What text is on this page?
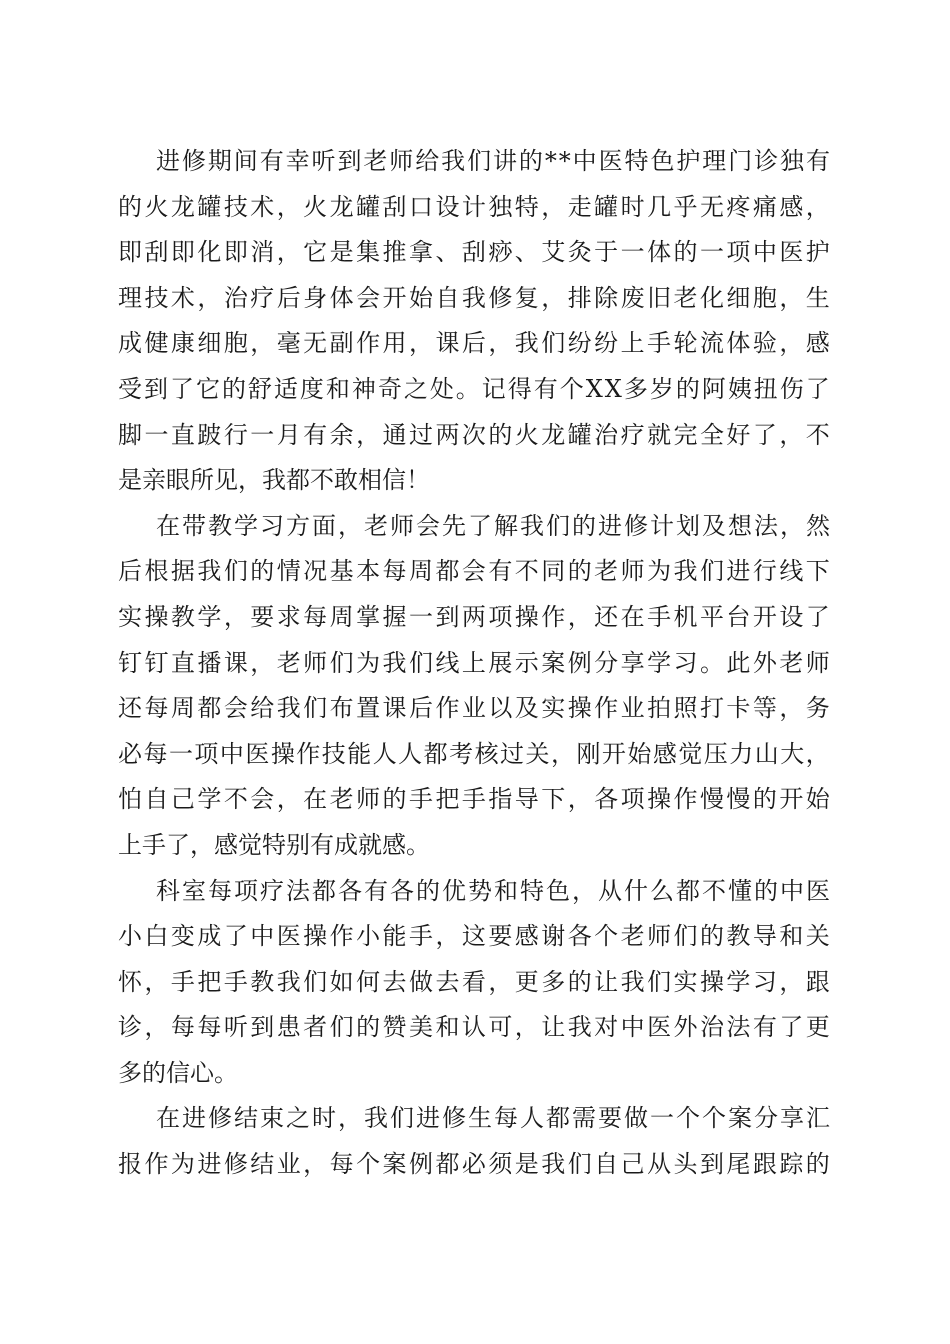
进 修 期 间 有 幸 听 到 老 师 给 我 们 讲 的 * * 中 医 特 色 护 理 门 诊 独 有
的 火 龙 罐 技 术 ， 火 龙 罐 刮 口 设 计 独 特 ， 走 罐 时 几 乎 无 疼 痛 感 ，
即 刮 即 化 即 消 ， 它 是 集 推 拿 、 刮 痧 、 艾 灸 于 一 体 的 一 项 中 医 护
理 技 术 ， 治 疗 后 身 体 会 开 始 自 我 修 复 ， 排 除 废 旧 老 化 细 胞 ， 生
成 健 康 细 胞 ， 毫 无 副 作 用 ， 课 后 ， 我 们 纷 纷 上 手 轮 流 体 验 ， 感
受 到 了 它 的 舒 适 度 和 神 奇 之 处 。 记 得 有 个 X X 多 岁 的 阿 姨 扭 伤 了
脚 一 直 跛 行 一 月 有 余 ， 通 过 两 次 的 火 龙 罐 治 疗 就 完 全 好 了 ， 不
是亲眼所见，我都不敢相信！
在 带 教 学 习 方 面 ， 老 师 会 先 了 解 我 们 的 进 修 计 划 及 想 法 ， 然
后 根 据 我 们 的 情 况 基 本 每 周 都 会 有 不 同 的 老 师 为 我 们 进 行 线 下
实 操 教 学 ， 要 求 每 周 掌 握 一 到 两 项 操 作 ， 还 在 手 机 平 台 开 设 了
钉 钉 直 播 课 ， 老 师 们 为 我 们 线 上 展 示 案 例 分 享 学 习 。 此 外 老 师
还 每 周 都 会 给 我 们 布 置 课 后 作 业 以 及 实 操 作 业 拍 照 打 卡 等 ， 务
必 每 一 项 中 医 操 作 技 能 人 人 都 考 核 过 关 ， 刚 开 始 感 觉 压 力 山 大 ，
怕 自 己 学 不 会 ， 在 老 师 的 手 把 手 指 导 下 ， 各 项 操 作 慢 慢 的 开 始
上手了，感觉特别有成就感。
科 室 每 项 疗 法 都 各 有 各 的 优 势 和 特 色 ， 从 什 么 都 不 懂 的 中 医
小 白 变 成 了 中 医 操 作 小 能 手 ， 这 要 感 谢 各 个 老 师 们 的 教 导 和 关
怀 ， 手 把 手 教 我 们 如 何 去 做 去 看 ， 更 多 的 让 我 们 实 操 学 习 ， 跟
诊 ， 每 每 听 到 患 者 们 的 赞 美 和 认 可 ， 让 我 对 中 医 外 治 法 有 了 更
多的信心。
在 进 修 结 束 之 时 ， 我 们 进 修 生 每 人 都 需 要 做 一 个 个 案 分 享 汇
报 作 为 进 修 结 业 ， 每 个 案 例 都 必 须 是 我 们 自 己 从 头 到 尾 跟 踪 的
